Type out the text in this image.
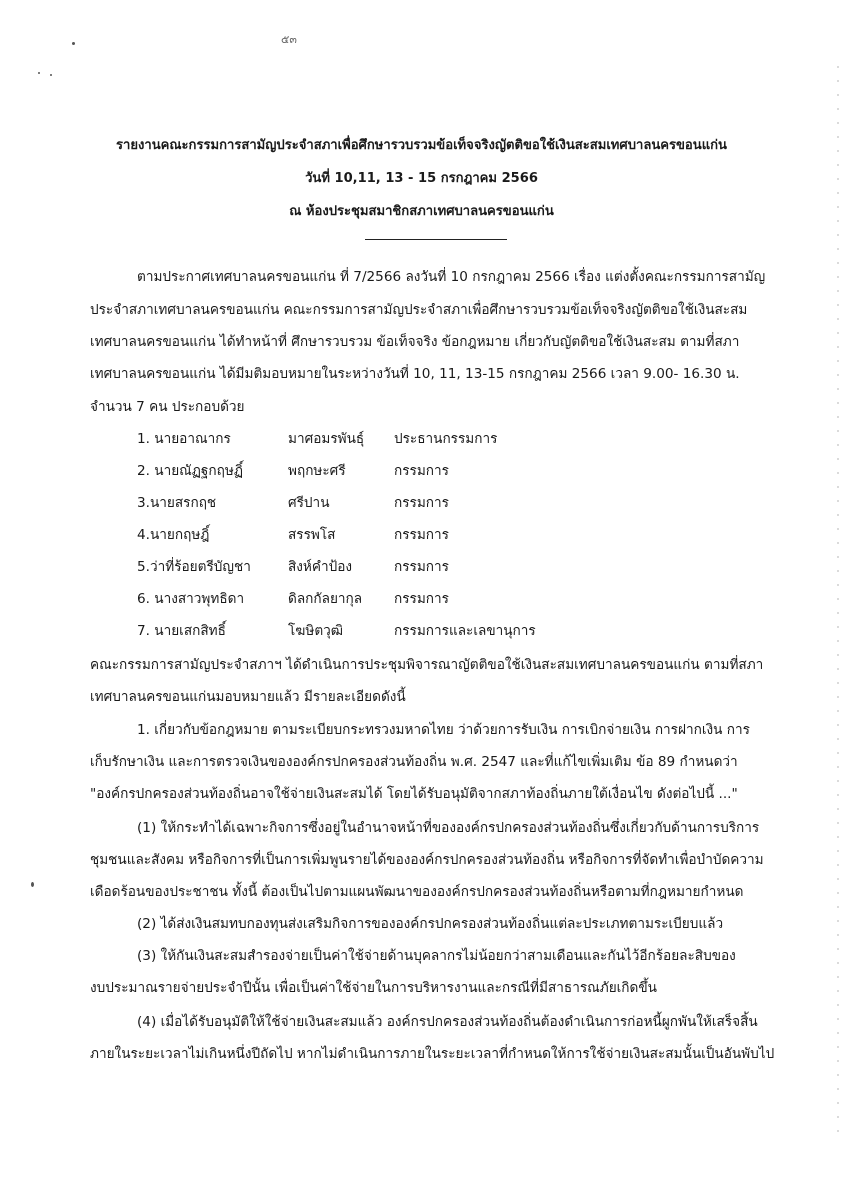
๕๓
รายงานคณะกรรมการสามัญประจำสภาเพื่อศึกษารวบรวมข้อเท็จจริงญัตติขอใช้เงินสะสมเทศบาลนครขอนแก่น
วันที่ 10,11, 13 - 15 กรกฎาคม 2566
ณ ห้องประชุมสมาชิกสภาเทศบาลนครขอนแก่น
ตามประกาศเทศบาลนครขอนแก่น ที่ 7/2566 ลงวันที่ 10 กรกฎาคม 2566 เรื่อง แต่งตั้งคณะกรรมการสามัญ
ประจำสภาเทศบาลนครขอนแก่น คณะกรรมการสามัญประจำสภาเพื่อศึกษารวบรวมข้อเท็จจริงญัตติขอใช้เงินสะสม
เทศบาลนครขอนแก่น ได้ทำหน้าที่ ศึกษารวบรวม ข้อเท็จจริง ข้อกฎหมาย เกี่ยวกับญัตติขอใช้เงินสะสม ตามที่สภา
เทศบาลนครขอนแก่น ได้มีมติมอบหมายในระหว่างวันที่ 10, 11, 13-15 กรกฎาคม 2566 เวลา 9.00- 16.30 น.
จำนวน 7 คน ประกอบด้วย
1. นายอาณากร	มาศอมรพันธุ์ ประธานกรรมการ
2. นายณัฏฐกฤษฏิ์	พฤกษะศรี	กรรมการ
3.นายสรกฤช	ศรีปาน	กรรมการ
4.นายกฤษฎิ์	สรรพโส	กรรมการ
5.ว่าที่ร้อยตรีบัญชา	สิงห์คำป้อง	กรรมการ
6. นางสาวพุทธิดา	ดิลกกัลยากุล กรรมการ
7. นายเสกสิทธิ์	โฆษิตวุฒิ	กรรมการและเลขานุการ
คณะกรรมการสามัญประจำสภาฯ ได้ดำเนินการประชุมพิจารณาญัตติขอใช้เงินสะสมเทศบาลนครขอนแก่น ตามที่สภา
เทศบาลนครขอนแก่นมอบหมายแล้ว มีรายละเอียดดังนี้
1. เกี่ยวกับข้อกฎหมาย ตามระเบียบกระทรวงมหาดไทย ว่าด้วยการรับเงิน การเบิกจ่ายเงิน การฝากเงิน การ
เก็บรักษาเงิน และการตรวจเงินขององค์กรปกครองส่วนท้องถิ่น พ.ศ. 2547 และที่แก้ไขเพิ่มเติม ข้อ 89 กำหนดว่า
"องค์กรปกครองส่วนท้องถิ่นอาจใช้จ่ายเงินสะสมได้ โดยได้รับอนุมัติจากสภาท้องถิ่นภายใต้เงื่อนไข ดังต่อไปนี้ ..."
(1) ให้กระทำได้เฉพาะกิจการซึ่งอยู่ในอำนาจหน้าที่ขององค์กรปกครองส่วนท้องถิ่นซึ่งเกี่ยวกับด้านการบริการ
ชุมชนและสังคม หรือกิจการที่เป็นการเพิ่มพูนรายได้ขององค์กรปกครองส่วนท้องถิ่น หรือกิจการที่จัดทำเพื่อบำบัดความ
เดือดร้อนของประชาชน ทั้งนี้ ต้องเป็นไปตามแผนพัฒนาขององค์กรปกครองส่วนท้องถิ่นหรือตามที่กฎหมายกำหนด
(2) ได้ส่งเงินสมทบกองทุนส่งเสริมกิจการขององค์กรปกครองส่วนท้องถิ่นแต่ละประเภทตามระเบียบแล้ว
(3) ให้กันเงินสะสมสำรองจ่ายเป็นค่าใช้จ่ายด้านบุคลากรไม่น้อยกว่าสามเดือนและกันไว้อีกร้อยละสิบของ
งบประมาณรายจ่ายประจำปีนั้น เพื่อเป็นค่าใช้จ่ายในการบริหารงานและกรณีที่มีสาธารณภัยเกิดขึ้น
(4) เมื่อได้รับอนุมัติให้ใช้จ่ายเงินสะสมแล้ว องค์กรปกครองส่วนท้องถิ่นต้องดำเนินการก่อหนี้ผูกพันให้เสร็จสิ้น
ภายในระยะเวลาไม่เกินหนึ่งปีถัดไป หากไม่ดำเนินการภายในระยะเวลาที่กำหนดให้การใช้จ่ายเงินสะสมนั้นเป็นอันพับไป
